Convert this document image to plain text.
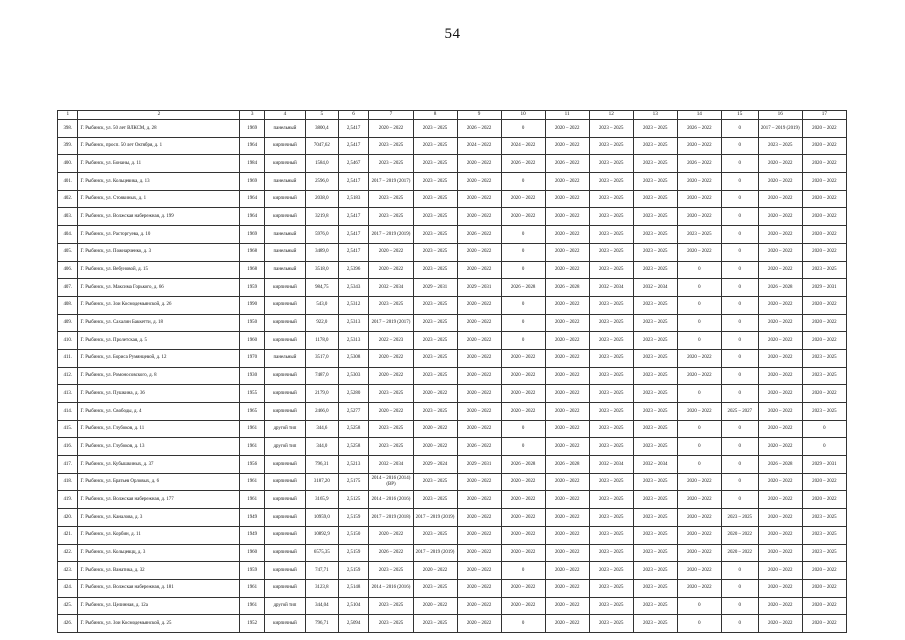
54
1	2	3	4	5	6	7	8	9	10	11	12	13	14	15	16	17
398.	Г. Рыбинск, ул. 50 лет ВЛКСМ, д. 28	1969	панельный	3800,4	2,5417	2020 – 2022	2023 – 2025	2026 – 2022	0	2020 – 2022	2023 – 2025	2023 – 2025	2026 – 2022	0	2017 – 2019 (2019)	2020 – 2022
399.	Г. Рыбинск, просп. 50 лет Октября, д. 1	1964	кирпичный	7047,62	2,5417	2023 – 2025	2023 – 2025	2024 – 2022	2024 – 2022	2020 – 2022	2023 – 2025	2023 – 2025	2020 – 2022	0	2023 – 2025	2020 – 2022
400.	Г. Рыбинск, ул. Бонаны, д. 11	1984	кирпичный	1584,0	2,5467	2023 – 2025	2023 – 2025	2020 – 2022	2026 – 2022	2026 – 2022	2023 – 2025	2023 – 2025	2026 – 2022	0	2020 – 2022	2020 – 2022
401.	Г. Рыбинск, ул. Кольцевика, д. 13	1969	панельный	2596,0	2,5417	2017 – 2019 (2017)	2023 – 2025	2020 – 2022	0	2020 – 2022	2023 – 2025	2023 – 2025	2020 – 2022	0	2020 – 2022	2020 – 2022
402.	Г. Рыбинск, ул. Стоякиных, д. 1	1964	кирпичный	2038,0	2,5183	2023 – 2025	2023 – 2025	2020 – 2022	2020 – 2022	2020 – 2022	2023 – 2025	2023 – 2025	2020 – 2022	0	2020 – 2022	2020 – 2022
403.	Г. Рыбинск, ул. Волжская набережная, д. 199	1964	кирпичный	3219,8	2,5417	2023 – 2025	2023 – 2025	2020 – 2022	2020 – 2022	2020 – 2022	2023 – 2025	2023 – 2025	2020 – 2022	0	2020 – 2022	2020 – 2022
404.	Г. Рыбинск, ул. Расторгуева, д. 10	1969	панельный	5976,0	2,5417	2017 – 2019 (2019)	2023 – 2025	2026 – 2022	0	2020 – 2022	2023 – 2025	2023 – 2025	2023 – 2025	0	2020 – 2022	2020 – 2022
405.	Г. Рыбинск, ул. Пожнарченко, д. 3	1968	панельный	3489,0	2,5417	2020 – 2022	2023 – 2025	2020 – 2022	0	2020 – 2022	2023 – 2025	2023 – 2025	2020 – 2022	0	2020 – 2022	2020 – 2022
406.	Г. Рыбинск, ул. Вебуновой, д. 15	1968	панельный	3518,0	2,5396	2020 – 2022	2023 – 2025	2020 – 2022	0	2020 – 2022	2023 – 2025	2023 – 2025	0	0	2020 – 2022	2023 – 2025
407.	Г. Рыбинск, ул. Максима Горького, д. 66	1959	кирпичный	984,75	2,5343	2032 – 2034	2029 – 2031	2029 – 2031	2026 – 2028	2026 – 2028	2032 – 2034	2032 – 2034	0	0	2026 – 2028	2029 – 2031
408.	Г. Рыбинск, ул. Зои Космодемьянской, д. 26	1990	кирпичный	543,0	2,5312	2023 – 2025	2023 – 2025	2020 – 2022	0	2020 – 2022	2023 – 2025	2023 – 2025	0	0	2020 – 2022	2020 – 2022
409.	Г. Рыбинск, ул. Сахалин Баккетти, д. 18	1950	кирпичный	922,0	2,5313	2017 – 2019 (2017)	2023 – 2025	2020 – 2022	0	2020 – 2022	2023 – 2025	2023 – 2025	0	0	2020 – 2022	2020 – 2022
410.	Г. Рыбинск, ул. Пролетская, д. 5	1960	кирпичный	1178,0	2,5313	2022 – 2023	2023 – 2025	2020 – 2022	0	2020 – 2022	2023 – 2025	2023 – 2025	0	0	2020 – 2022	2020 – 2022
411.	Г. Рыбинск, ул. Бориса Румянцевой, д. 12	1970	панельный	3517,0	2,5308	2020 – 2022	2023 – 2025	2020 – 2022	2020 – 2022	2020 – 2022	2023 – 2025	2023 – 2025	2020 – 2022	0	2020 – 2022	2023 – 2025
412.	Г. Рыбинск, ул. Ромоносовского, д. 8	1930	кирпичный	7487,0	2,5303	2020 – 2022	2023 – 2025	2020 – 2022	2020 – 2022	2020 – 2022	2023 – 2025	2023 – 2025	2020 – 2022	0	2020 – 2022	2023 – 2025
413.	Г. Рыбинск, ул. Пушкина, д. 36	1955	кирпичный	2179,0	2,5280	2023 – 2025	2020 – 2022	2020 – 2022	2020 – 2022	2020 – 2022	2023 – 2025	2023 – 2025	0	0	2020 – 2022	2020 – 2022
414.	Г. Рыбинск, ул. Свободы, д. 4	1965	кирпичный	2466,0	2,5277	2020 – 2022	2023 – 2025	2020 – 2022	2020 – 2022	2020 – 2022	2023 – 2025	2023 – 2025	2020 – 2022	2025 – 2027	2020 – 2022	2023 – 2025
415.	Г. Рыбинск, ул. Глубоков, д. 11	1961	другой тип	344,6	2,5258	2023 – 2025	2020 – 2022	2020 – 2022	0	2020 – 2022	2023 – 2025	2023 – 2025	0	0	2020 – 2022	0
416.	Г. Рыбинск, ул. Глубоков, д. 13	1961	другой тип	344,0	2,5258	2023 – 2025	2020 – 2022	2026 – 2022	0	2020 – 2022	2023 – 2025	2023 – 2025	0	0	2020 – 2022	0
417.	Г. Рыбинск, ул. Кубышкиных, д. 37	1956	кирпичный	796,31	2,5213	2032 – 2034	2029 – 2024	2029 – 2031	2026 – 2028	2026 – 2028	2032 – 2034	2032 – 2034	0	0	2026 – 2028	2029 – 2031
418.	Г. Рыбинск, ул. Братьев Орловых, д. 6	1961	кирпичный	3187,20	2,5175	2014 – 2016 (2014) (ВР)	2023 – 2025	2020 – 2022	2020 – 2022	2020 – 2022	2023 – 2025	2023 – 2025	2020 – 2022	0	2020 – 2022	2020 – 2022
419.	Г. Рыбинск, ул. Волжская набережная, д. 177	1961	кирпичный	3165,9	2,5125	2014 – 2016 (2016)	2023 – 2025	2020 – 2022	2020 – 2022	2020 – 2022	2023 – 2025	2023 – 2025	2020 – 2022	0	2020 – 2022	2020 – 2022
420.	Г. Рыбинск, ул. Каналова, д. 3	1949	кирпичный	10959,0	2,5159	2017 – 2019 (2018)	2017 – 2019 (2019)	2020 – 2022	2020 – 2022	2020 – 2022	2023 – 2025	2023 – 2025	2020 – 2022	2023 – 2025	2020 – 2022	2023 – 2025
421.	Г. Рыбинск, ул. Корбин, д. 11	1949	кирпичный	10892,9	2,5150	2020 – 2022	2023 – 2025	2020 – 2022	2020 – 2022	2020 – 2022	2023 – 2025	2023 – 2025	2020 – 2022	2020 – 2022	2020 – 2022	2023 – 2025
422.	Г. Рыбинск, ул. Кольцевцц, д. 3	1960	кирпичный	6575,35	2,5159	2026 – 2022	2017 – 2019 (2019)	2020 – 2022	2020 – 2022	2020 – 2022	2023 – 2025	2023 – 2025	2020 – 2022	2020 – 2022	2020 – 2022	2023 – 2025
423.	Г. Рыбинск, ул. Ванатика, д. 32	1959	кирпичный	747,71	2,5159	2023 – 2025	2020 – 2022	2020 – 2022	0	2020 – 2022	2023 – 2025	2023 – 2025	2020 – 2022	0	2020 – 2022	2020 – 2022
424.	Г. Рыбинск, ул. Волжская набережная, д. 181	1961	кирпичный	3123,8	2,5148	2014 – 2016 (2016)	2023 – 2025	2020 – 2022	2020 – 2022	2020 – 2022	2023 – 2025	2023 – 2025	2020 – 2022	0	2020 – 2022	2020 – 2022
425.	Г. Рыбинск, ул. Целинная, д. 12а	1961	другой тип	344,04	2,5104	2023 – 2025	2020 – 2022	2020 – 2022	2020 – 2022	2020 – 2022	2023 – 2025	2023 – 2025	0	0	2020 – 2022	2020 – 2022
426.	Г. Рыбинск, ул. Зои Космодемьянской, д. 25	1952	кирпичный	796,71	2,5094	2023 – 2025	2023 – 2025	2020 – 2022	0	2020 – 2022	2023 – 2025	2023 – 2025	0	0	2020 – 2022	2020 – 2022
